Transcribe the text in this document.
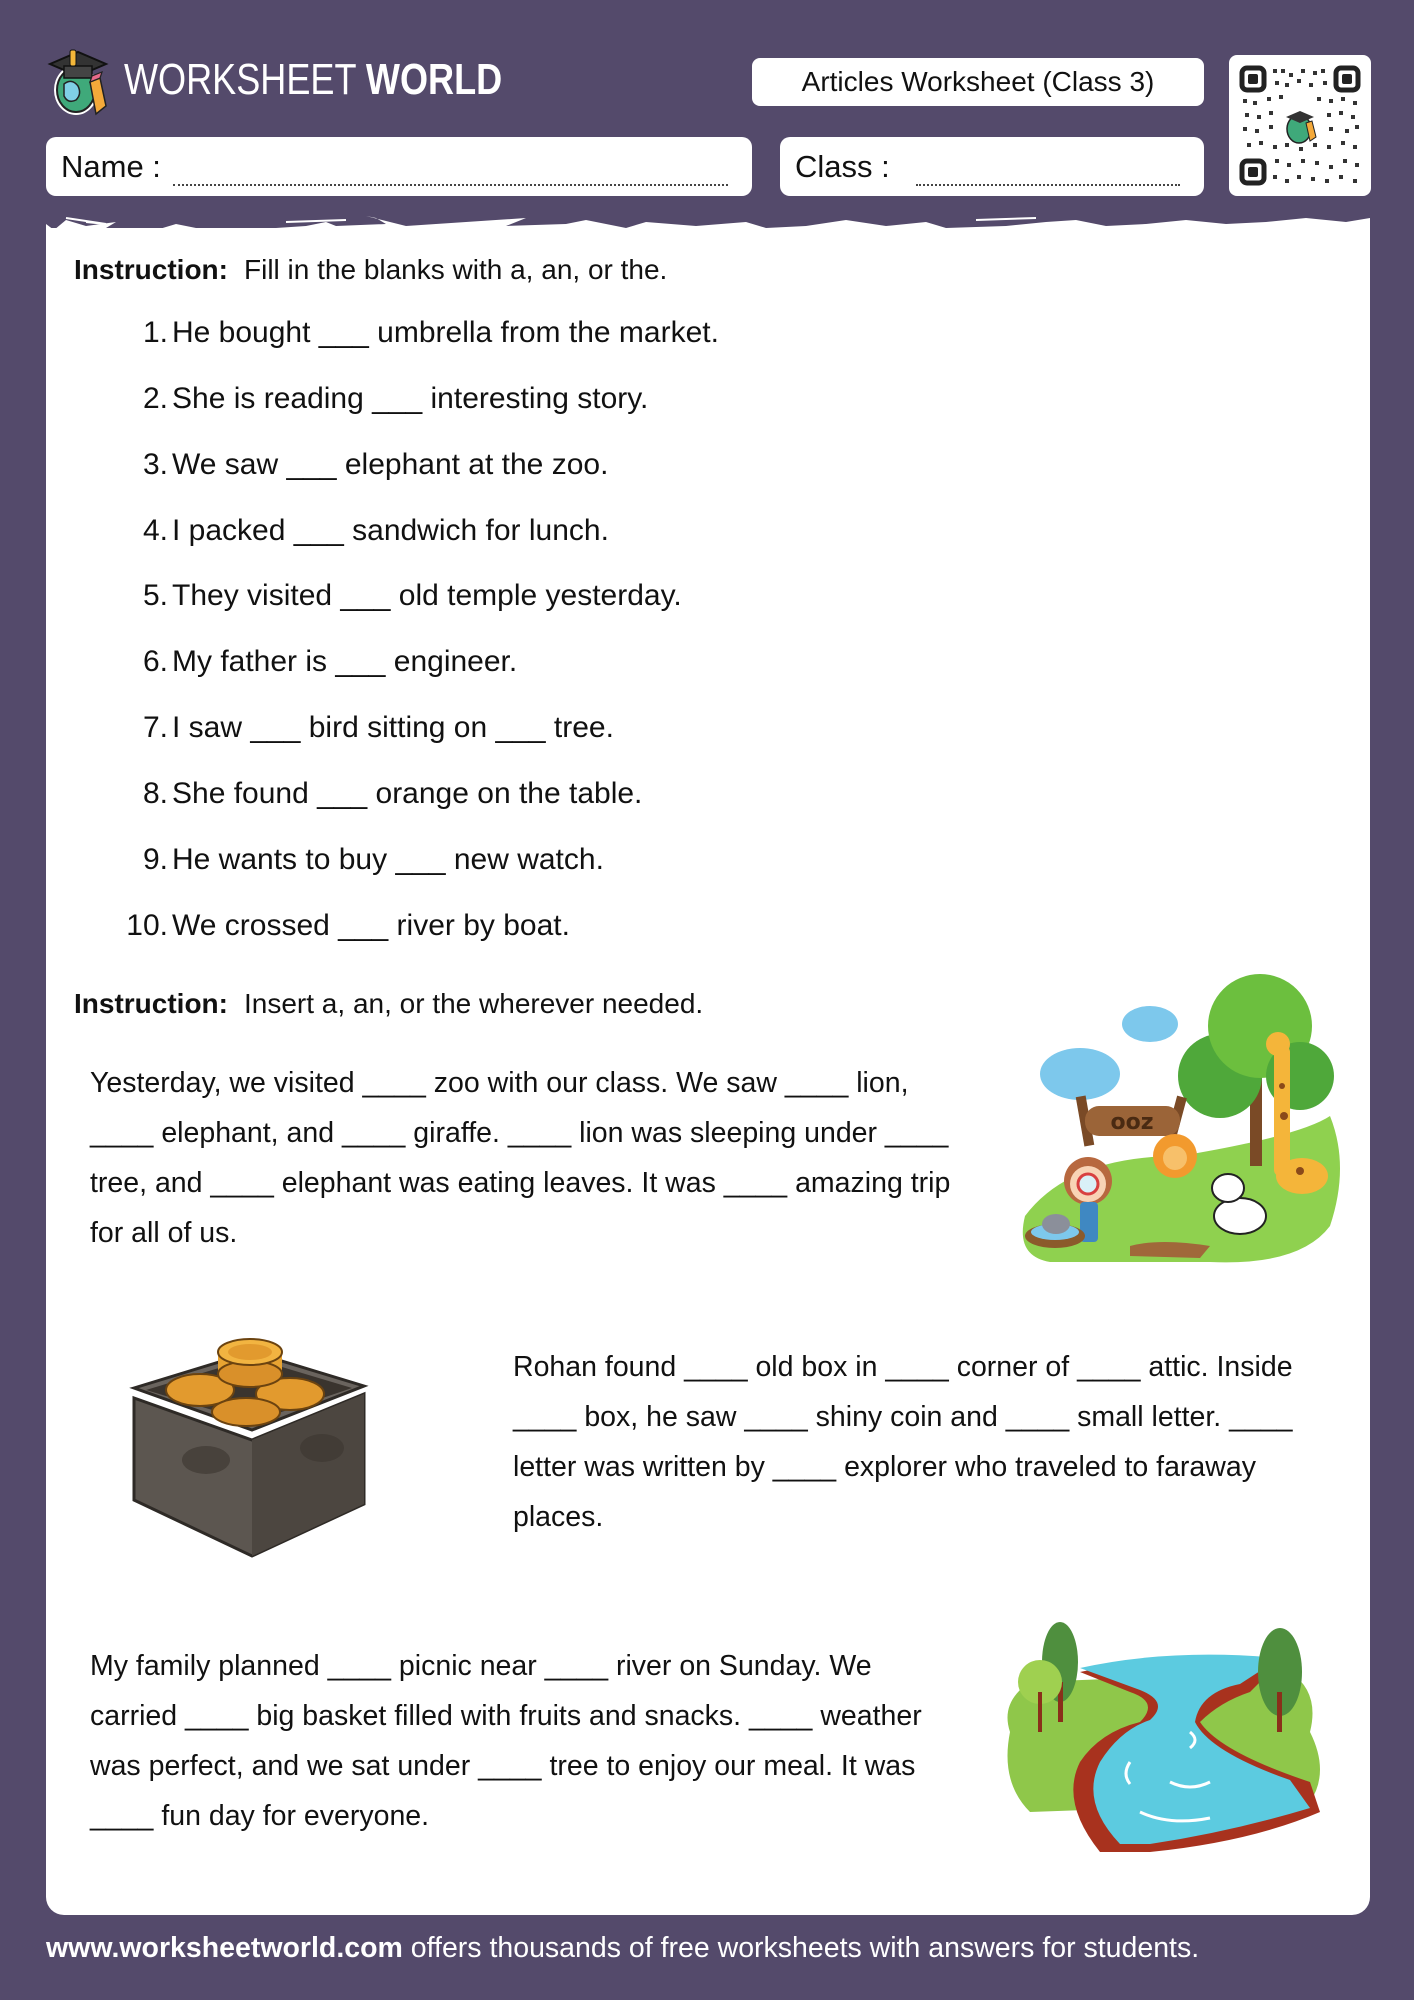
WORKSHEET WORLD	Articles Worksheet (Class 3)
Name :	Class :
Instruction: Fill in the blanks with a, an, or the.
1. He bought ___ umbrella from the market.
2. She is reading ___ interesting story.
3. We saw ___ elephant at the zoo.
4. I packed ___ sandwich for lunch.
5. They visited ___ old temple yesterday.
6. My father is ___ engineer.
7. I saw ___ bird sitting on ___ tree.
8. She found ___ orange on the table.
9. He wants to buy ___ new watch.
10. We crossed ___ river by boat.
Instruction: Insert a, an, or the wherever needed.
Yesterday, we visited ____ zoo with our class. We saw ____ lion, ____ elephant, and ____ giraffe. ____ lion was sleeping under ____ tree, and ____ elephant was eating leaves. It was ____ amazing trip for all of us.
Rohan found ____ old box in ____ corner of ____ attic. Inside ____ box, he saw ____ shiny coin and ____ small letter. ____ letter was written by ____ explorer who traveled to faraway places.
My family planned ____ picnic near ____ river on Sunday. We carried ____ big basket filled with fruits and snacks. ____ weather was perfect, and we sat under ____ tree to enjoy our meal. It was ____ fun day for everyone.
ooz
www.worksheetworld.com offers thousands of free worksheets with answers for students.
